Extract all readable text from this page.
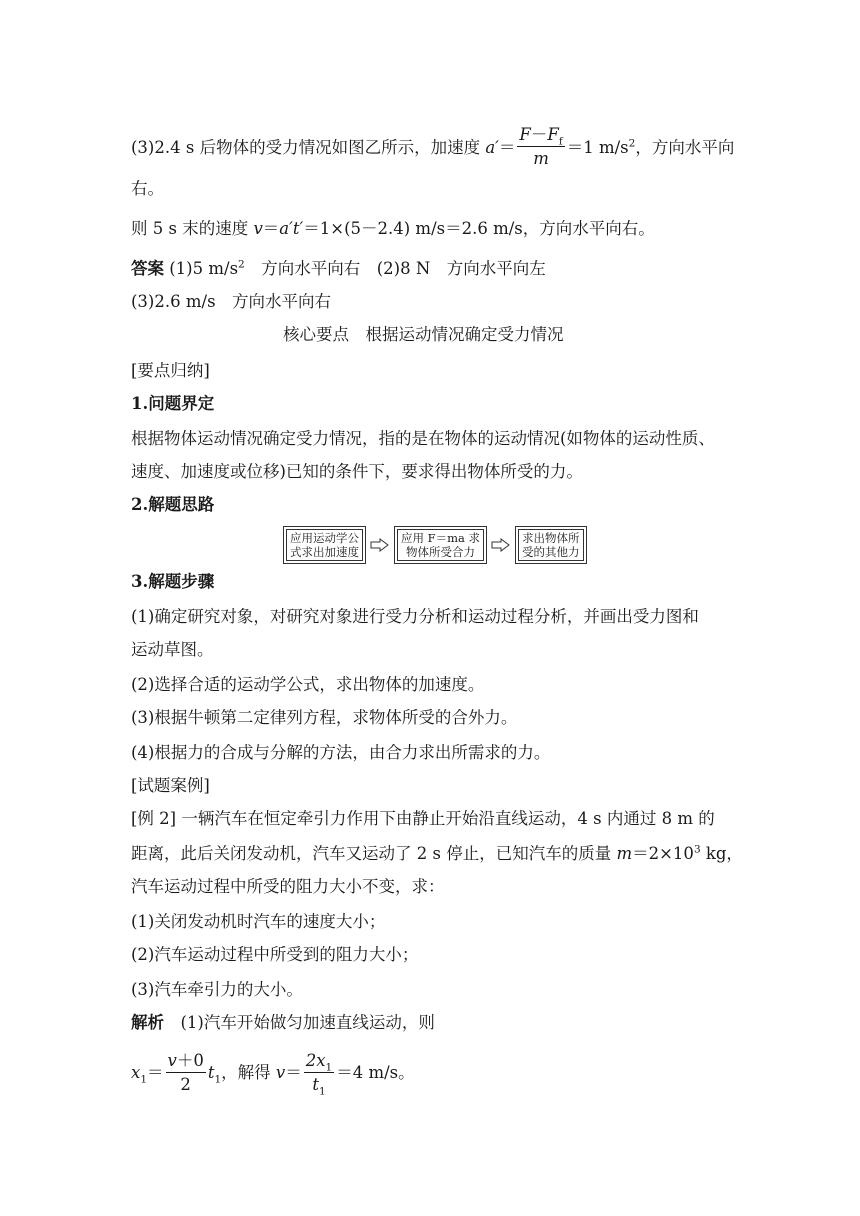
(3)2.4 s 后物体的受力情况如图乙所示，加速度 $a'= \frac{F-F_f}{m} =1$ $m/s^2$，方向水平向
右。
则 5 s 末的速度 v＝a′t′＝1×(5－2.4) m/s＝2.6 m/s，方向水平向右。
答案 (1)5 $m/s^2$　方向水平向右　(2)8 N　方向水平向左
(3)2.6 m/s　方向水平向右
核心要点　根据运动情况确定受力情况
[要点归纳]
1.问题界定
根据物体运动情况确定受力情况，指的是在物体的运动情况(如物体的运动性质、
速度、加速度或位移)已知的条件下，要求得出物体所受的力。
2.解题思路
应用运动学公
式求出加速度
应用 F＝ma 求
物体所受合力
求出物体所
受的其他力
3.解题步骤
(1)确定研究对象，对研究对象进行受力分析和运动过程分析，并画出受力图和
运动草图。
(2)选择合适的运动学公式，求出物体的加速度。
(3)根据牛顿第二定律列方程，求物体所受的合外力。
(4)根据力的合成与分解的方法，由合力求出所需求的力。
[试题案例]
[例 2] 一辆汽车在恒定牵引力作用下由静止开始沿直线运动，4 s 内通过 8 m 的
距离，此后关闭发动机，汽车又运动了 2 s 停止，已知汽车的质量 $m=2\times 10^3$ kg，
汽车运动过程中所受的阻力大小不变，求：
(1)关闭发动机时汽车的速度大小；
(2)汽车运动过程中所受到的阻力大小；
(3)汽车牵引力的大小。
解析　(1)汽车开始做匀加速直线运动，则
$x_1= \frac{v+0}{2} t_1$，解得 $v= \frac{2x_1}{t_1} =4$ m/s。
